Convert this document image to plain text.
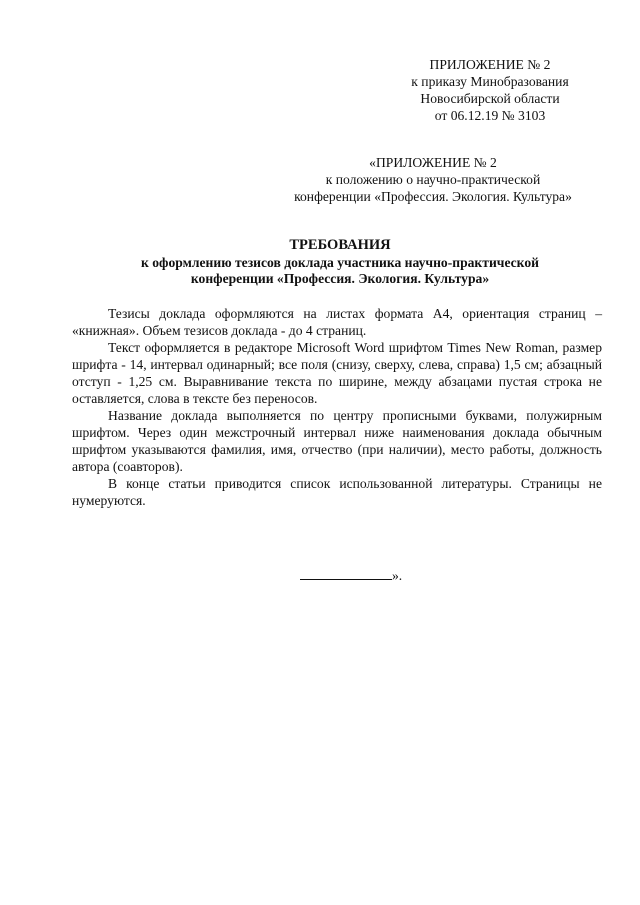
ПРИЛОЖЕНИЕ № 2
к приказу Минобразования
Новосибирской области
от 06.12.19 № 3103
«ПРИЛОЖЕНИЕ № 2
к положению о научно-практической
конференции «Профессия. Экология. Культура»
ТРЕБОВАНИЯ
к оформлению тезисов доклада участника научно-практической
конференции «Профессия. Экология. Культура»

Тезисы доклада оформляются на листах формата А4, ориентация страниц – «книжная». Объем тезисов доклада - до 4 страниц.

Текст оформляется в редакторе Microsoft Word шрифтом Times New Roman, размер шрифта - 14, интервал одинарный; все поля (снизу, сверху, слева, справа) 1,5 см; абзацный отступ - 1,25 см. Выравнивание текста по ширине, между абзацами пустая строка не оставляется, слова в тексте без переносов.

Название доклада выполняется по центру прописными буквами, полужирным шрифтом. Через один межстрочный интервал ниже наименования доклада обычным шрифтом указываются фамилия, имя, отчество (при наличии), место работы, должность автора (соавторов).

В конце статьи приводится список использованной литературы. Страницы не нумеруются.

».
